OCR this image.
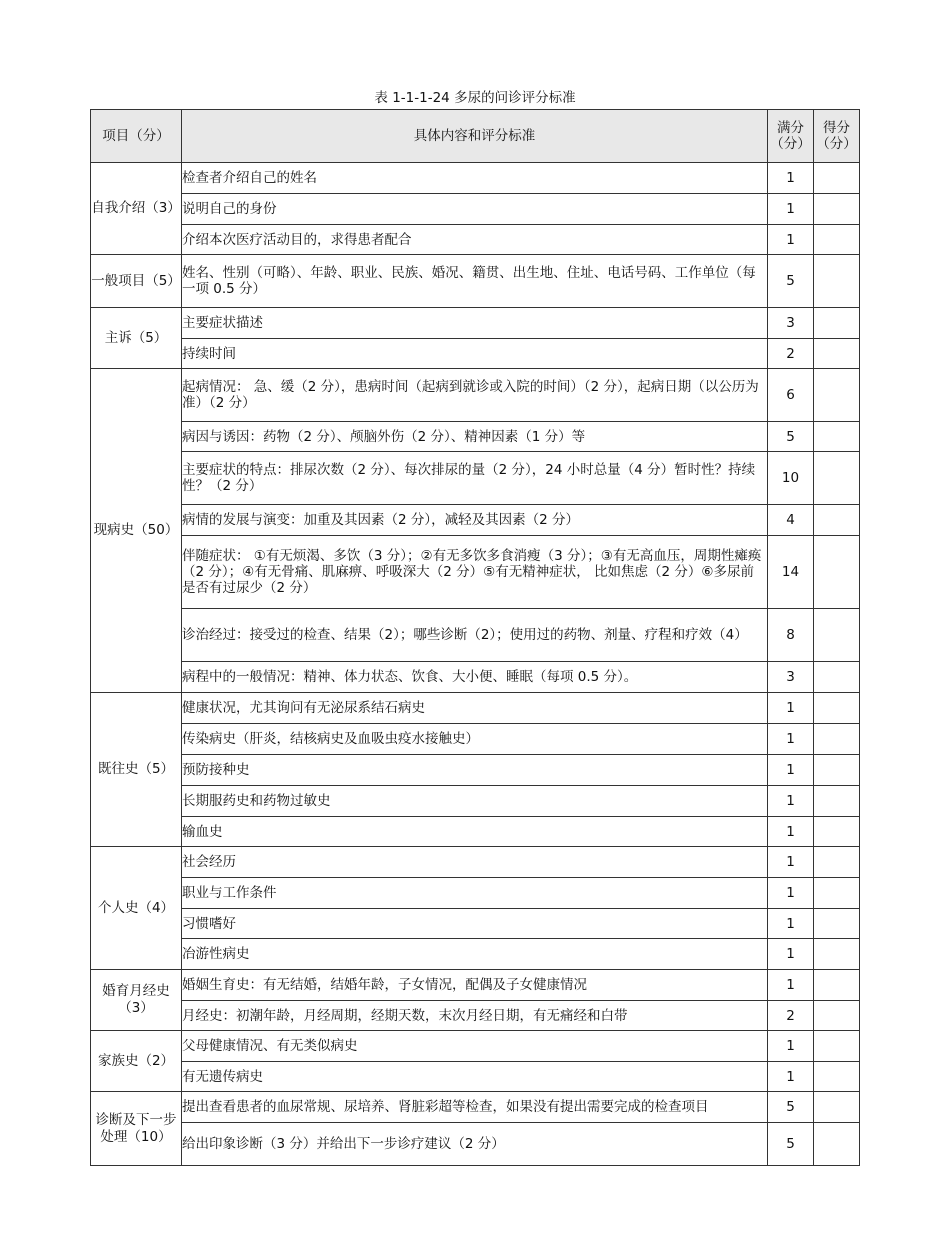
表 1-1-1-24 多尿的问诊评分标准
项目（分）	具体内容和评分标准	满分（分）	得分（分）
自我介绍（3）	检查者介绍自己的姓名	1	
	说明自己的身份	1	
	介绍本次医疗活动目的，求得患者配合	1	
一般项目（5）	姓名、性别（可略）、年龄、职业、民族、婚况、籍贯、出生地、住址、电话号码、工作单位（每一项 0.5 分）	5	
主诉（5）	主要症状描述	3	
	持续时间	2	
现病史（50）	起病情况： 急、缓（2 分），患病时间（起病到就诊或入院的时间）（2 分），起病日期（以公历为准）（2 分）	6	
	病因与诱因：药物（2 分）、颅脑外伤（2 分）、精神因素（1 分）等	5	
	主要症状的特点：排尿次数（2 分）、每次排尿的量（2 分），24 小时总量（4 分）暂时性？持续性？（2 分）	10	
	病情的发展与演变：加重及其因素（2 分），减轻及其因素（2 分）	4	
	伴随症状： ①有无烦渴、多饮（3 分）；②有无多饮多食消瘦（3 分）；③有无高血压，周期性瘫痪（2 分）；④有无骨痛、肌麻痹、呼吸深大（2 分）⑤有无精神症状， 比如焦虑（2 分）⑥多尿前是否有过尿少（2 分）	14	
	诊治经过：接受过的检查、结果（2）；哪些诊断（2）；使用过的药物、剂量、疗程和疗效（4）	8	
	病程中的一般情况：精神、体力状态、饮食、大小便、睡眠（每项 0.5 分）。	3	
既往史（5）	健康状况，尤其询问有无泌尿系结石病史	1	
	传染病史（肝炎，结核病史及血吸虫疫水接触史）	1	
	预防接种史	1	
	长期服药史和药物过敏史	1	
	输血史	1	
个人史（4）	社会经历	1	
	职业与工作条件	1	
	习惯嗜好	1	
	冶游性病史	1	
婚育月经史（3）	婚姻生育史：有无结婚，结婚年龄，子女情况，配偶及子女健康情况	1	
	月经史：初潮年龄，月经周期，经期天数，末次月经日期，有无痛经和白带	2	
家族史（2）	父母健康情况、有无类似病史	1	
	有无遗传病史	1	
诊断及下一步处理（10）	提出查看患者的血尿常规、尿培养、肾脏彩超等检查，如果没有提出需要完成的检查项目	5	
	给出印象诊断（3 分）并给出下一步诊疗建议（2 分）	5	
